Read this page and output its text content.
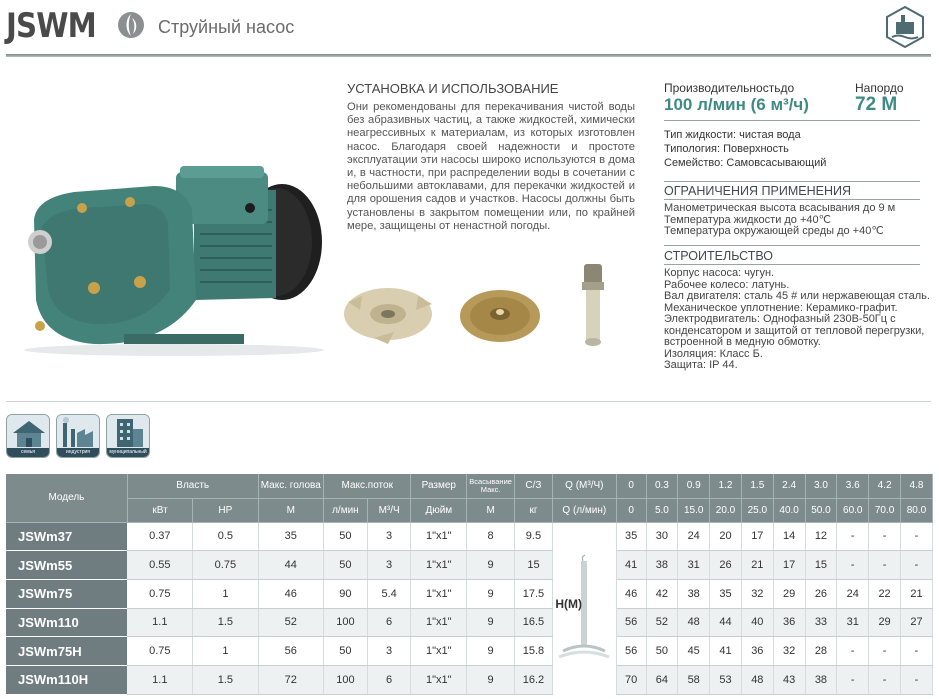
JSWM	Струйный насос
УСТАНОВКА И ИСПОЛЬЗОВАНИЕ
Они рекомендованы для перекачивания чистой воды без абразивных частиц, а также жидкостей, химически неагрессивных к материалам, из которых изготовлен насос. Благодаря своей надежности и простоте эксплуатации эти насосы широко используются в дома и, в частности, при распределении воды в сочетании с небольшими автоклавами, для перекачки жидкостей и для орошения садов и участков. Насосы должны быть установлены в закрытом помещении или, по крайней мере, защищены от ненастной погоды.
Производительностьдо
100 л/мин (6 м³/ч)
Напордо
72 М
Тип жидкости: чистая вода
Типология: Поверхность
Семейство: Самовсасывающий
ОГРАНИЧЕНИЯ ПРИМЕНЕНИЯ
Манометрическая высота всасывания до 9 м
Температура жидкости до +40℃
Температура окружающей среды до +40℃
СТРОИТЕЛЬСТВО
Корпус насоса: чугун.
Рабочее колесо: латунь.
Вал двигателя: сталь 45 # или нержавеющая сталь.
Механическое уплотнение: Керамико-графит.
Электродвигатель: Однофазный 230В-50Гц с
конденсатором и защитой от тепловой перегрузки,
встроенной в медную обмотку.
Изоляция: Класс Б.
Защита: IP 44.
семья	индустрия	муниципальный
Модель	Власть		Макс. голова	Макс.поток		Размер	Всасывание Макс.	С/З	Q (М³/Ч)	0	0.3	0.9	1.2	1.5	2.4	3.0	3.6	4.2	4.8
	кВт	HP	М	л/мин	M³/Ч	Дюйм	М	кг	Q (л/мин)	0	5.0	15.0	20.0	25.0	40.0	50.0	60.0	70.0	80.0
JSWm37	0.37	0.5	35	50	3	1"x1"	8	9.5	H(M)	35	30	24	20	17	14	12	-	-	-
JSWm55	0.55	0.75	44	50	3	1"x1"	9	15		41	38	31	26	21	17	15	-	-	-
JSWm75	0.75	1	46	90	5.4	1"x1"	9	17.5		46	42	38	35	32	29	26	24	22	21
JSWm110	1.1	1.5	52	100	6	1"x1"	9	16.5		56	52	48	44	40	36	33	31	29	27
JSWm75H	0.75	1	56	50	3	1"x1"	9	15.8		56	50	45	41	36	32	28	-	-	-
JSWm110H	1.1	1.5	72	100	6	1"x1"	9	16.2		70	64	58	53	48	43	38	-	-	-
